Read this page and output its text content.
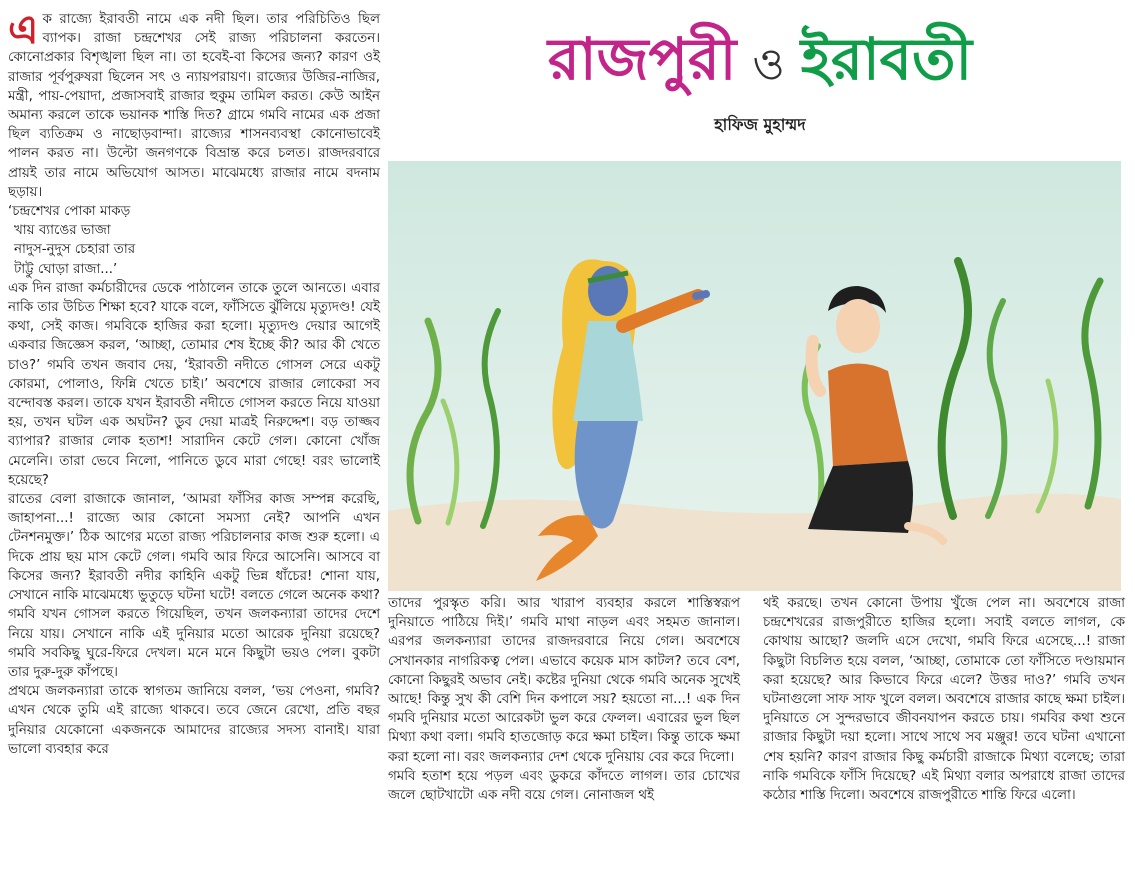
রাজপুরী ও ইরাবতী
হাফিজ মুহাম্মদ

এক রাজ্যে ইরাবতী নামে এক নদী ছিল। তার পরিচিতিও ছিল ব্যাপক। রাজা চন্দ্রশেখর সেই রাজ্য পরিচালনা করতেন। কোনোপ্রকার বিশৃঙ্খলা ছিল না। তা হবেই-বা কিসের জন্য? কারণ ওই রাজার পূর্বপুরুষরা ছিলেন সৎ ও ন্যায়পরায়ণ। রাজ্যের উজির-নাজির, মন্ত্রী, পায়-পেয়াদা, প্রজাসবাই রাজার হুকুম তামিল করত। কেউ আইন অমান্য করলে তাকে ভয়ানক শাস্তি দিত? গ্রামে গমবি নামের এক প্রজা ছিল ব্যতিক্রম ও নাছোড়বান্দা। রাজ্যের শাসনব্যবস্থা কোনোভাবেই পালন করত না। উল্টো জনগণকে বিভ্রান্ত করে চলত। রাজদরবারে প্রায়ই তার নামে অভিযোগ আসত। মাঝেমধ্যে রাজার নামে বদনাম ছড়ায়।

‘চন্দ্রশেখর পোকা মাকড়
খায় ব্যাঙের ভাজা
নাদুস-নুদুস চেহারা তার
টাট্টু ঘোড়া রাজা...’

এক দিন রাজা কর্মচারীদের ডেকে পাঠালেন তাকে তুলে আনতে। এবার নাকি তার উচিত শিক্ষা হবে? যাকে বলে, ফাঁসিতে ঝুঁলিয়ে মৃত্যুদণ্ড! যেই কথা, সেই কাজ। গমবিকে হাজির করা হলো। মৃত্যুদণ্ড দেয়ার আগেই একবার জিজ্ঞেস করল, ‘আচ্ছা, তোমার শেষ ইচ্ছে কী? আর কী খেতে চাও?’ গমবি তখন জবাব দেয়, ‘ইরাবতী নদীতে গোসল সেরে একটু কোরমা, পোলাও, ফিন্নি খেতে চাই।’ অবশেষে রাজার লোকেরা সব বন্দোবস্ত করল। তাকে যখন ইরাবতী নদীতে গোসল করতে নিয়ে যাওয়া হয়, তখন ঘটল এক অঘটন? ডুব দেয়া মাত্রই নিরুদ্দেশ। বড় তাজ্জব ব্যাপার? রাজার লোক হতাশ! সারাদিন কেটে গেল। কোনো খোঁজ মেলেনি। তারা ভেবে নিলো, পানিতে ডুবে মারা গেছে! বরং ভালোই হয়েছে?

রাতের বেলা রাজাকে জানাল, ‘আমরা ফাঁসির কাজ সম্পন্ন করেছি, জাহাপনা...! রাজ্যে আর কোনো সমস্যা নেই? আপনি এখন টেনশনমুক্ত।’ ঠিক আগের মতো রাজ্য পরিচালনার কাজ শুরু হলো। এ দিকে প্রায় ছয় মাস কেটে গেল। গমবি আর ফিরে আসেনি। আসবে বা কিসের জন্য? ইরাবতী নদীর কাহিনি একটু ভিন্ন ধাঁচের! শোনা যায়, সেখানে নাকি মাঝেমধ্যে ভুতুড়ে ঘটনা ঘটে! বলতে গেলে অনেক কথা? গমবি যখন গোসল করতে গিয়েছিল, তখন জলকন্যারা তাদের দেশে নিয়ে যায়। সেখানে নাকি এই দুনিয়ার মতো আরেক দুনিয়া রয়েছে? গমবি সবকিছু ঘুরে-ফিরে দেখল। মনে মনে কিছুটা ভয়ও পেল। বুকটা তার দুরু-দুরু কাঁপছে।

প্রথমে জলকন্যারা তাকে স্বাগতম জানিয়ে বলল, ‘ভয় পেওনা, গমবি? এখন থেকে তুমি এই রাজ্যে থাকবে। তবে জেনে রেখো, প্রতি বছর দুনিয়ার যেকোনো একজনকে আমাদের রাজ্যের সদস্য বানাই। যারা ভালো ব্যবহার করে

তাদের পুরস্কৃত করি। আর খারাপ ব্যবহার করলে শাস্তিস্বরূপ দুনিয়াতে পাঠিয়ে দিই।’ গমবি মাথা নাড়ল এবং সহমত জানাল। এরপর জলকন্যারা তাদের রাজদরবারে নিয়ে গেল। অবশেষে সেখানকার নাগরিকত্ব পেল। এভাবে কয়েক মাস কাটল? তবে বেশ, কোনো কিছুরই অভাব নেই। কষ্টের দুনিয়া থেকে গমবি অনেক সুখেই আছে! কিন্তু সুখ কী বেশি দিন কপালে সয়? হয়তো না...! এক দিন গমবি দুনিয়ার মতো আরেকটা ভুল করে ফেলল। এবারের ভুল ছিল মিথ্যা কথা বলা। গমবি হাতজোড় করে ক্ষমা চাইল। কিন্তু তাকে ক্ষমা করা হলো না। বরং জলকন্যার দেশ থেকে দুনিয়ায় বের করে দিলো।

গমবি হতাশ হয়ে পড়ল এবং ডুকরে কাঁদতে লাগল। তার চোখের জলে ছোটখাটো এক নদী বয়ে গেল। নোনাজল থই

থই করছে। তখন কোনো উপায় খুঁজে পেল না। অবশেষে রাজা চন্দ্রশেখরের রাজপুরীতে হাজির হলো। সবাই বলতে লাগল, কে কোথায় আছো? জলদি এসে দেখো, গমবি ফিরে এসেছে...! রাজা কিছুটা বিচলিত হয়ে বলল, ‘আচ্ছা, তোমাকে তো ফাঁসিতে দণ্ডায়মান করা হয়েছে? আর কিভাবে ফিরে এলে? উত্তর দাও?’ গমবি তখন ঘটনাগুলো সাফ সাফ খুলে বলল। অবশেষে রাজার কাছে ক্ষমা চাইল। দুনিয়াতে সে সুন্দরভাবে জীবনযাপন করতে চায়। গমবির কথা শুনে রাজার কিছুটা দয়া হলো। সাথে সাথে সব মঞ্জুর! তবে ঘটনা এখানো শেষ হয়নি? কারণ রাজার কিছু কর্মচারী রাজাকে মিথ্যা বলেছে; তারা নাকি গমবিকে ফাঁসি দিয়েছে? এই মিথ্যা বলার অপরাধে রাজা তাদের কঠোর শাস্তি দিলো। অবশেষে রাজপুরীতে শান্তি ফিরে এলো।
